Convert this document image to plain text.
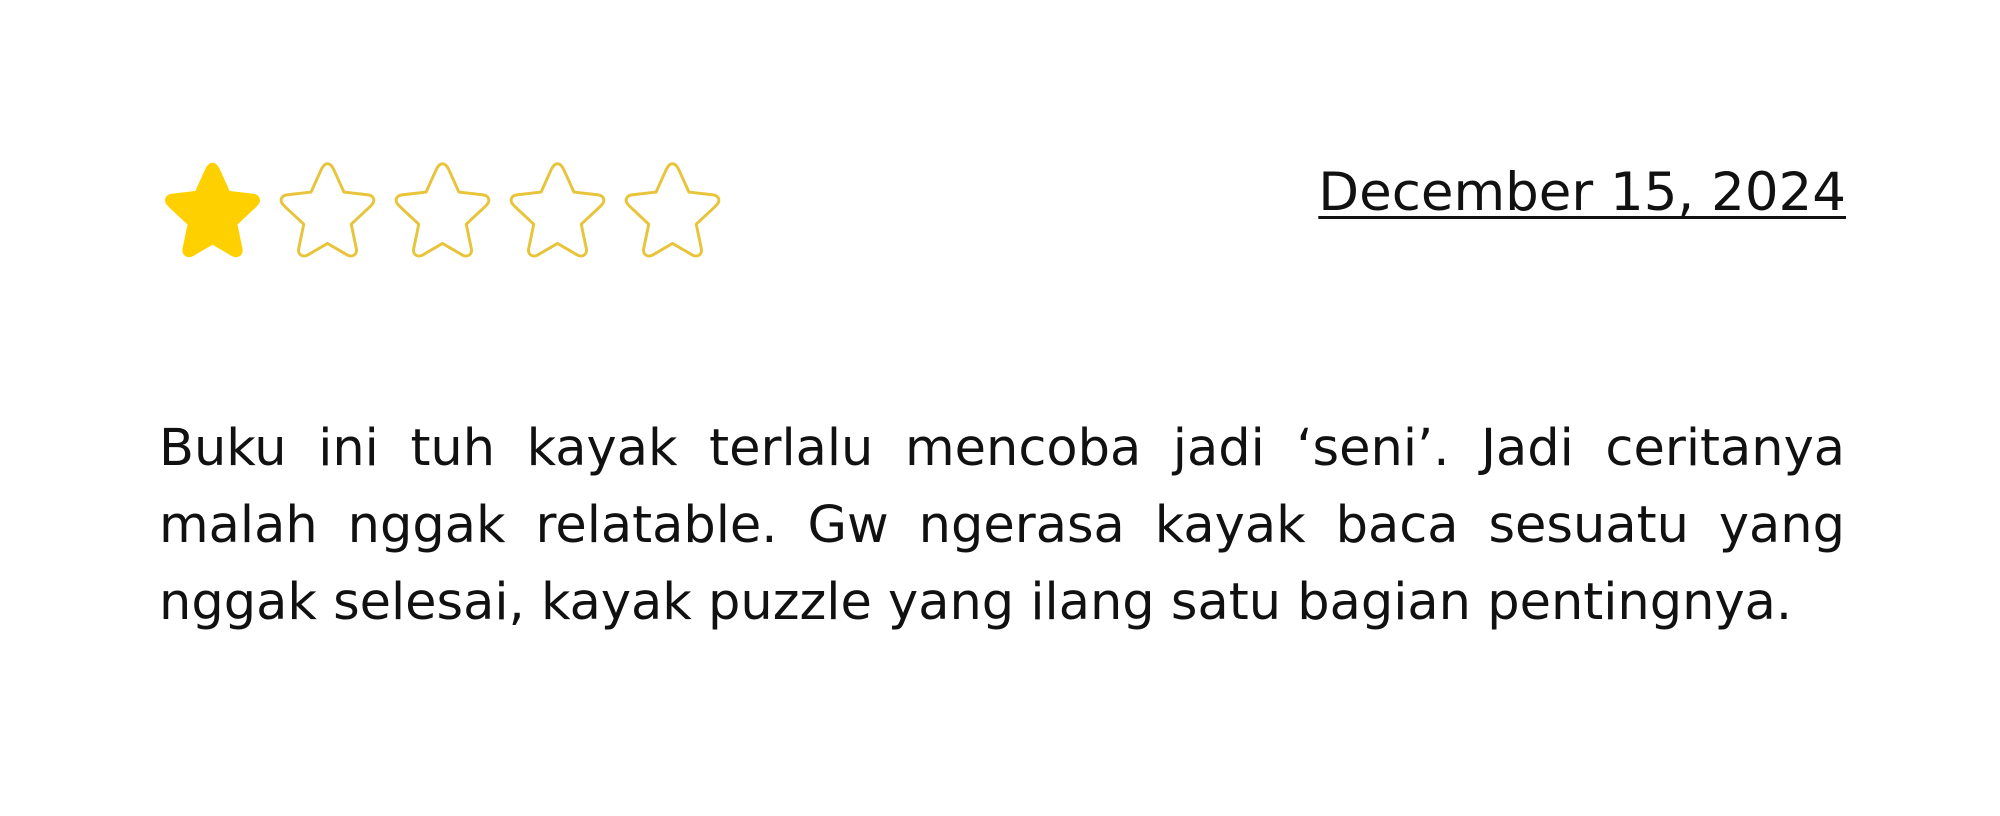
December 15, 2024

Buku ini tuh kayak terlalu mencoba jadi ‘seni’. Jadi ceritanya malah nggak relatable. Gw ngerasa kayak baca sesuatu yang nggak selesai, kayak puzzle yang ilang satu bagian pentingnya.
